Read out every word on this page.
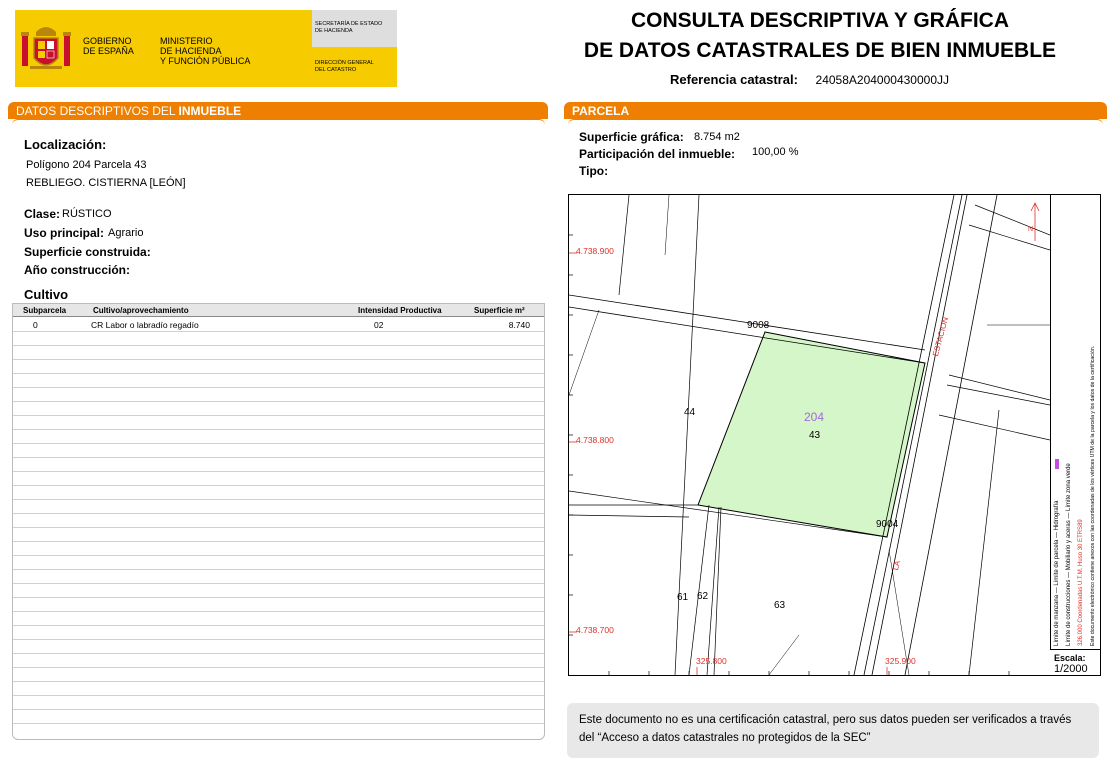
GOBIERNO
DE ESPAÑA
MINISTERIO
DE HACIENDA
Y FUNCIÓN PÚBLICA
SECRETARÍA DE ESTADO
DE HACIENDA
DIRECCIÓN GENERAL
DEL CATASTRO
CONSULTA DESCRIPTIVA Y GRÁFICA
DE DATOS CATASTRALES DE BIEN INMUEBLE
Referencia catastral: 24058A204000430000JJ
DATOS DESCRIPTIVOS DEL INMUEBLE
Localización:
Polígono 204 Parcela 43
REBLIEGO. CISTIERNA [LEÓN]
Clase: RÚSTICO
Uso principal: Agrario
Superficie construida:
Año construcción:
Cultivo
Subparcela	Cultivo/aprovechamiento	Intensidad Productiva	Superficie m²
0	CR Labor o labradío regadío	02	8.740
PARCELA
Superficie gráfica: 8.754 m2
Participación del inmueble: 100,00 %
Tipo:
N
4.738.900
4.738.800
4.738.700
325.800	325.900
9008
9004
44	204
43
61 62
63
ESTACION
LA	Límite de manzana — Límite de parcela — Hidrografía	Límite de construcciones — Mobiliario y aceras — Límite zona verde	326.000 Coordenadas U.T.M. Huso 30 ETRS89	Este documento electrónico contiene anexos con las coordenadas de los vértices UTM de la parcela y los datos de la certificación.
Escala:
1/2000
Este documento no es una certificación catastral, pero sus datos pueden ser verificados a través del “Acceso a datos catastrales no protegidos de la SEC”
